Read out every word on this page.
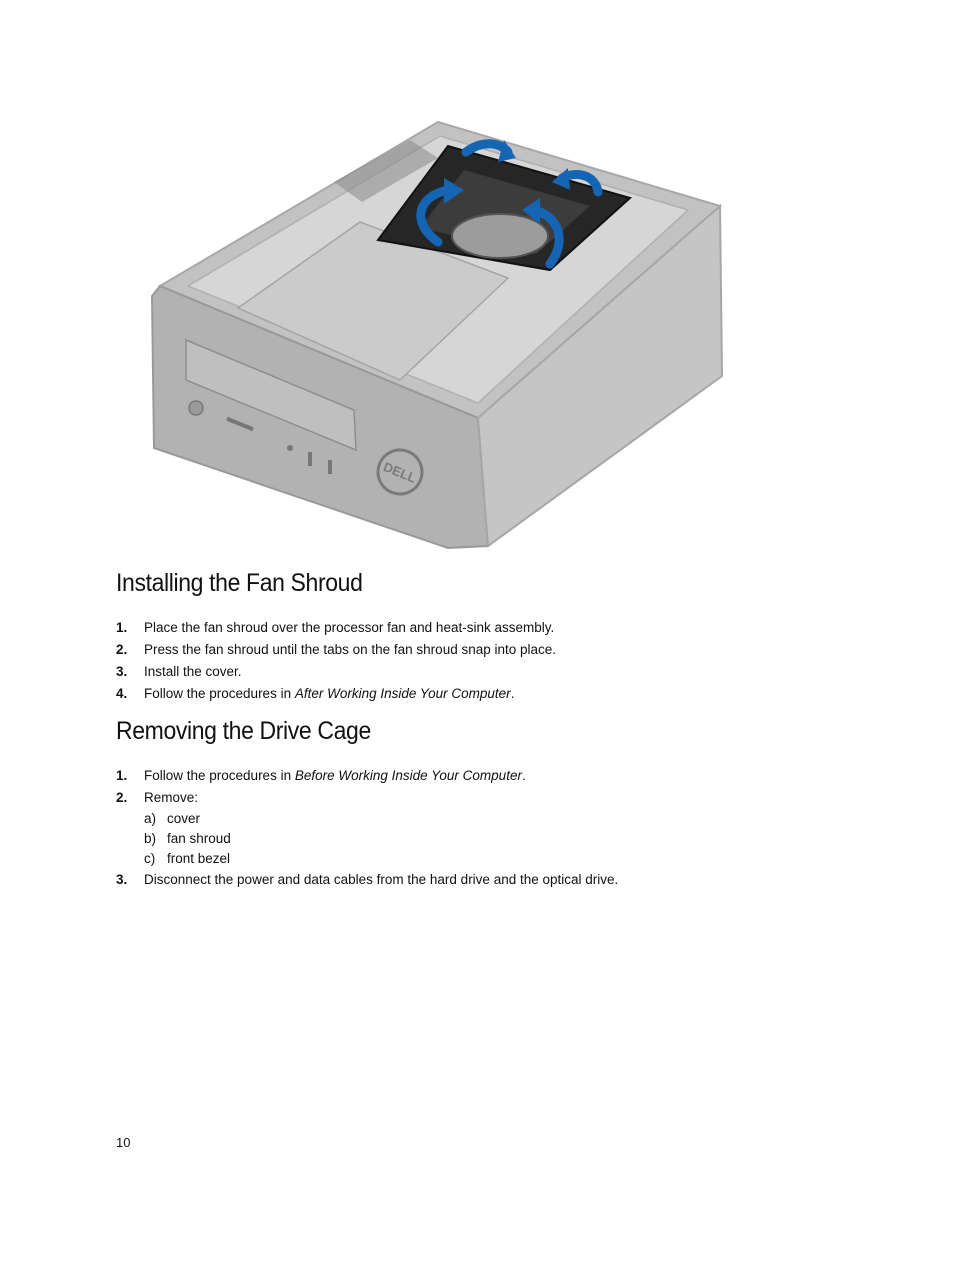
DELL
Installing the Fan Shroud
1. Place the fan shroud over the processor fan and heat-sink assembly.
2. Press the fan shroud until the tabs on the fan shroud snap into place.
3. Install the cover.
4. Follow the procedures in After Working Inside Your Computer.
Removing the Drive Cage
1. Follow the procedures in Before Working Inside Your Computer.
2. Remove:
a) cover
b) fan shroud
c) front bezel
3. Disconnect the power and data cables from the hard drive and the optical drive.
10
